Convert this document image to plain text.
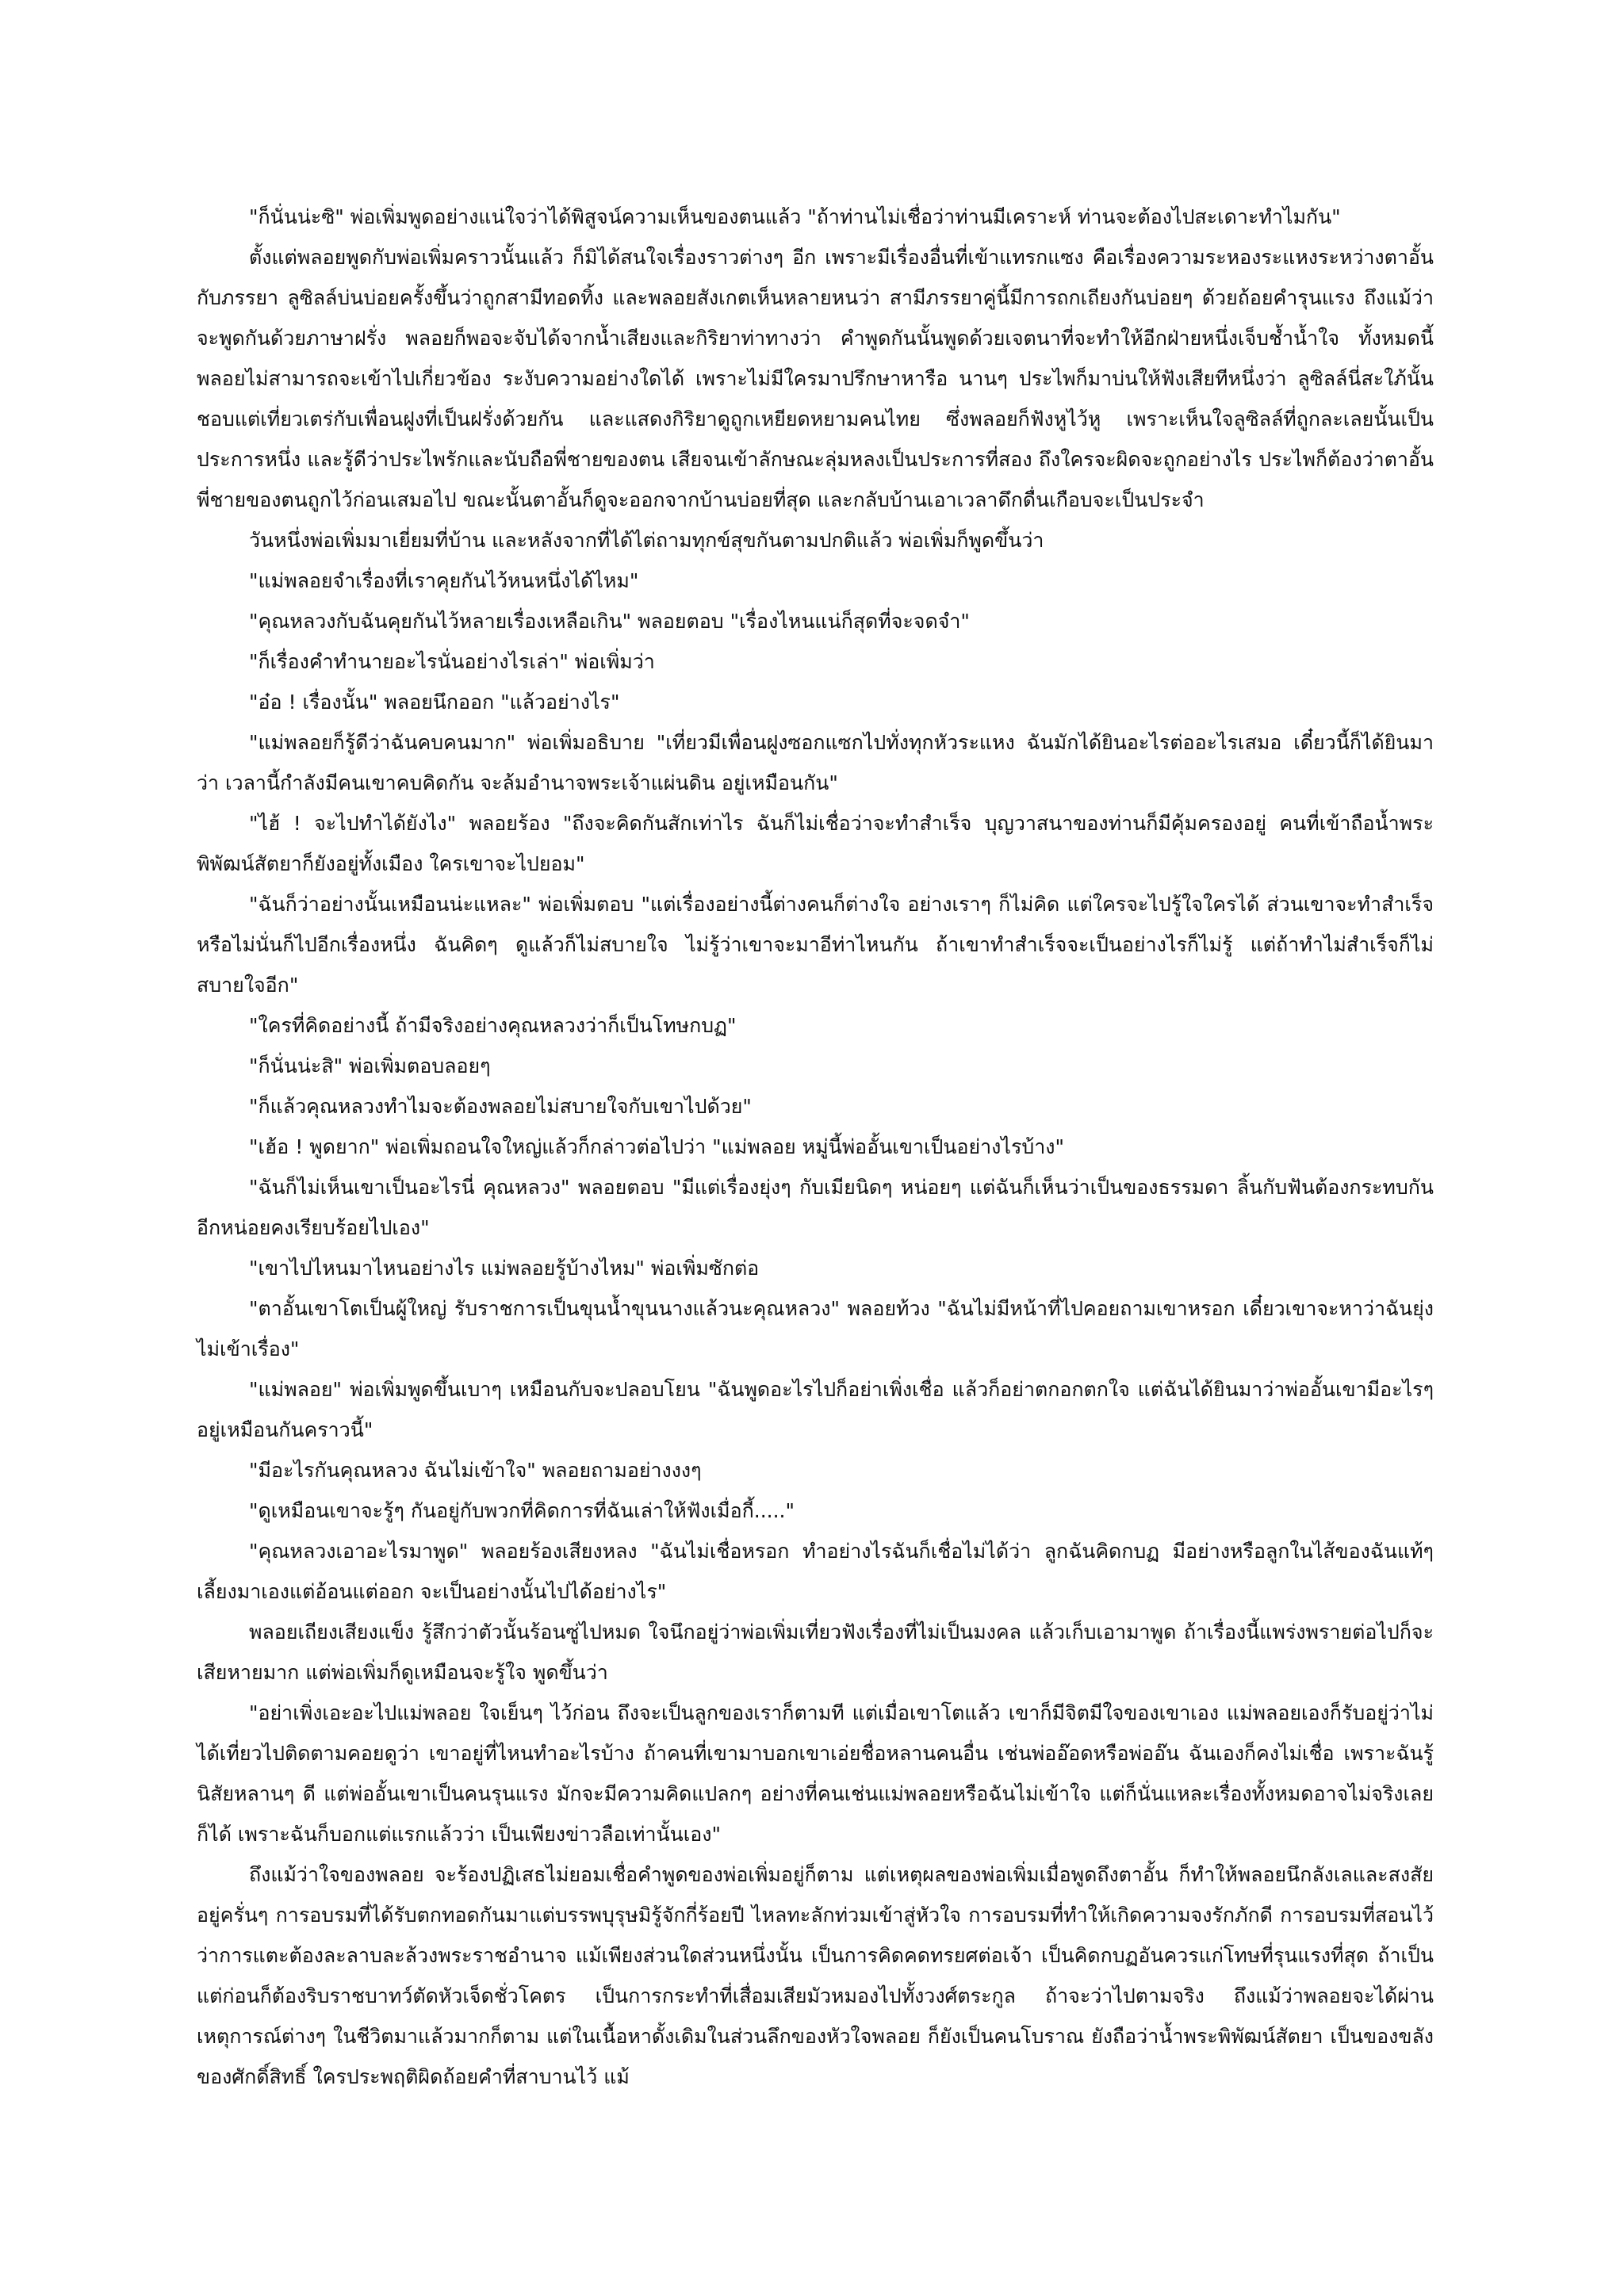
"ก็นั่นน่ะซิ" พ่อเพิ่มพูดอย่างแน่ใจว่าได้พิสูจน์ความเห็นของตนแล้ว "ถ้าท่านไม่เชื่อว่าท่านมีเคราะห์ ท่านจะต้องไปสะเดาะทำไมกัน"

ตั้งแต่พลอยพูดกับพ่อเพิ่มคราวนั้นแล้ว ก็มิได้สนใจเรื่องราวต่างๆ อีก เพราะมีเรื่องอื่นที่เข้าแทรกแซง คือเรื่องความระหองระแหงระหว่างตาอั้นกับภรรยา ลูซิลล์บ่นบ่อยครั้งขึ้นว่าถูกสามีทอดทิ้ง และพลอยสังเกตเห็นหลายหนว่า สามีภรรยาคู่นี้มีการถกเถียงกันบ่อยๆ ด้วยถ้อยคำรุนแรง ถึงแม้ว่าจะพูดกันด้วยภาษาฝรั่ง พลอยก็พอจะจับได้จากน้ำเสียงและกิริยาท่าทางว่า คำพูดกันนั้นพูดด้วยเจตนาที่จะทำให้อีกฝ่ายหนึ่งเจ็บช้ำน้ำใจ ทั้งหมดนี้พลอยไม่สามารถจะเข้าไปเกี่ยวข้อง ระงับความอย่างใดได้ เพราะไม่มีใครมาปรึกษาหารือ นานๆ ประไพก็มาบ่นให้ฟังเสียทีหนึ่งว่า ลูซิลล์นี่สะใภ้นั้น ชอบแต่เที่ยวเตร่กับเพื่อนฝูงที่เป็นฝรั่งด้วยกัน และแสดงกิริยาดูถูกเหยียดหยามคนไทย ซึ่งพลอยก็ฟังหูไว้หู เพราะเห็นใจลูซิลล์ที่ถูกละเลยนั้นเป็นประการหนึ่ง และรู้ดีว่าประไพรักและนับถือพี่ชายของตน เสียจนเข้าลักษณะลุ่มหลงเป็นประการที่สอง ถึงใครจะผิดจะถูกอย่างไร ประไพก็ต้องว่าตาอั้นพี่ชายของตนถูกไว้ก่อนเสมอไป ขณะนั้นตาอั้นก็ดูจะออกจากบ้านบ่อยที่สุด และกลับบ้านเอาเวลาดึกดื่นเกือบจะเป็นประจำ

วันหนึ่งพ่อเพิ่มมาเยี่ยมที่บ้าน และหลังจากที่ได้ไต่ถามทุกข์สุขกันตามปกติแล้ว พ่อเพิ่มก็พูดขึ้นว่า

"แม่พลอยจำเรื่องที่เราคุยกันไว้หนหนึ่งได้ไหม"

"คุณหลวงกับฉันคุยกันไว้หลายเรื่องเหลือเกิน" พลอยตอบ "เรื่องไหนแน่ก็สุดที่จะจดจำ"

"ก็เรื่องคำทำนายอะไรนั่นอย่างไรเล่า" พ่อเพิ่มว่า

"อ๋อ ! เรื่องนั้น" พลอยนึกออก "แล้วอย่างไร"

"แม่พลอยก็รู้ดีว่าฉันคบคนมาก" พ่อเพิ่มอธิบาย "เที่ยวมีเพื่อนฝูงซอกแซกไปทั่งทุกหัวระแหง ฉันมักได้ยินอะไรต่ออะไรเสมอ เดี๋ยวนี้ก็ได้ยินมาว่า เวลานี้กำลังมีคนเขาคบคิดกัน จะล้มอำนาจพระเจ้าแผ่นดิน อยู่เหมือนกัน"

"ไฮ้ ! จะไปทำได้ยังไง" พลอยร้อง "ถึงจะคิดกันสักเท่าไร ฉันก็ไม่เชื่อว่าจะทำสำเร็จ บุญวาสนาของท่านก็มีคุ้มครองอยู่ คนที่เข้าถือน้ำพระพิพัฒน์สัตยาก็ยังอยู่ทั้งเมือง ใครเขาจะไปยอม"

"ฉันก็ว่าอย่างนั้นเหมือนน่ะแหละ" พ่อเพิ่มตอบ "แต่เรื่องอย่างนี้ต่างคนก็ต่างใจ อย่างเราๆ ก็ไม่คิด แต่ใครจะไปรู้ใจใครได้ ส่วนเขาจะทำสำเร็จหรือไม่นั่นก็ไปอีกเรื่องหนึ่ง ฉันคิดๆ ดูแล้วก็ไม่สบายใจ ไม่รู้ว่าเขาจะมาอีท่าไหนกัน ถ้าเขาทำสำเร็จจะเป็นอย่างไรก็ไม่รู้ แต่ถ้าทำไม่สำเร็จก็ไม่สบายใจอีก"

"ใครที่คิดอย่างนี้ ถ้ามีจริงอย่างคุณหลวงว่าก็เป็นโทษกบฏ"

"ก็นั่นน่ะสิ" พ่อเพิ่มตอบลอยๆ

"ก็แล้วคุณหลวงทำไมจะต้องพลอยไม่สบายใจกับเขาไปด้วย"

"เฮ้อ ! พูดยาก" พ่อเพิ่มถอนใจใหญ่แล้วก็กล่าวต่อไปว่า "แม่พลอย หมู่นี้พ่ออั้นเขาเป็นอย่างไรบ้าง"

"ฉันก็ไม่เห็นเขาเป็นอะไรนี่ คุณหลวง" พลอยตอบ "มีแต่เรื่องยุ่งๆ กับเมียนิดๆ หน่อยๆ แต่ฉันก็เห็นว่าเป็นของธรรมดา ลิ้นกับฟันต้องกระทบกัน อีกหน่อยคงเรียบร้อยไปเอง"

"เขาไปไหนมาไหนอย่างไร แม่พลอยรู้บ้างไหม" พ่อเพิ่มซักต่อ

"ตาอั้นเขาโตเป็นผู้ใหญ่ รับราชการเป็นขุนน้ำขุนนางแล้วนะคุณหลวง" พลอยท้วง "ฉันไม่มีหน้าที่ไปคอยถามเขาหรอก เดี๋ยวเขาจะหาว่าฉันยุ่งไม่เข้าเรื่อง"

"แม่พลอย" พ่อเพิ่มพูดขึ้นเบาๆ เหมือนกับจะปลอบโยน "ฉันพูดอะไรไปก็อย่าเพิ่งเชื่อ แล้วก็อย่าตกอกตกใจ แต่ฉันได้ยินมาว่าพ่ออั้นเขามีอะไรๆ อยู่เหมือนกันคราวนี้"

"มีอะไรกันคุณหลวง ฉันไม่เข้าใจ" พลอยถามอย่างงงๆ

"ดูเหมือนเขาจะรู้ๆ กันอยู่กับพวกที่คิดการที่ฉันเล่าให้ฟังเมื่อกี้....."

"คุณหลวงเอาอะไรมาพูด" พลอยร้องเสียงหลง "ฉันไม่เชื่อหรอก ทำอย่างไรฉันก็เชื่อไม่ได้ว่า ลูกฉันคิดกบฏ มีอย่างหรือลูกในไส้ของฉันแท้ๆ เลี้ยงมาเองแต่อ้อนแต่ออก จะเป็นอย่างนั้นไปได้อย่างไร"

พลอยเถียงเสียงแข็ง รู้สึกว่าตัวนั้นร้อนซู่ไปหมด ใจนึกอยู่ว่าพ่อเพิ่มเที่ยวฟังเรื่องที่ไม่เป็นมงคล แล้วเก็บเอามาพูด ถ้าเรื่องนี้แพร่งพรายต่อไปก็จะเสียหายมาก แต่พ่อเพิ่มก็ดูเหมือนจะรู้ใจ พูดขึ้นว่า

"อย่าเพิ่งเอะอะไปแม่พลอย ใจเย็นๆ ไว้ก่อน ถึงจะเป็นลูกของเราก็ตามที แต่เมื่อเขาโตแล้ว เขาก็มีจิตมีใจของเขาเอง แม่พลอยเองก็รับอยู่ว่าไม่ได้เที่ยวไปติดตามคอยดูว่า เขาอยู่ที่ไหนทำอะไรบ้าง ถ้าคนที่เขามาบอกเขาเอ่ยชื่อหลานคนอื่น เช่นพ่ออ๊อดหรือพ่ออ๊น ฉันเองก็คงไม่เชื่อ เพราะฉันรู้นิสัยหลานๆ ดี แต่พ่ออั้นเขาเป็นคนรุนแรง มักจะมีความคิดแปลกๆ อย่างที่คนเช่นแม่พลอยหรือฉันไม่เข้าใจ แต่ก็นั่นแหละเรื่องทั้งหมดอาจไม่จริงเลยก็ได้ เพราะฉันก็บอกแต่แรกแล้วว่า เป็นเพียงข่าวลือเท่านั้นเอง"

ถึงแม้ว่าใจของพลอย จะร้องปฏิเสธไม่ยอมเชื่อคำพูดของพ่อเพิ่มอยู่ก็ตาม แต่เหตุผลของพ่อเพิ่มเมื่อพูดถึงตาอั้น ก็ทำให้พลอยนึกลังเลและสงสัยอยู่ครั่นๆ การอบรมที่ได้รับตกทอดกันมาแต่บรรพบุรุษมิรู้จักกี่ร้อยปี ไหลทะลักท่วมเข้าสู่หัวใจ การอบรมที่ทำให้เกิดความจงรักภักดี การอบรมที่สอนไว้ว่าการแตะต้องละลาบละล้วงพระราชอำนาจ แม้เพียงส่วนใดส่วนหนึ่งนั้น เป็นการคิดคดทรยศต่อเจ้า เป็นคิดกบฏอันควรแก่โทษที่รุนแรงที่สุด ถ้าเป็นแต่ก่อนก็ต้องริบราชบาทว์ตัดหัวเจ็ดชั่วโคตร เป็นการกระทำที่เสื่อมเสียมัวหมองไปทั้งวงศ์ตระกูล ถ้าจะว่าไปตามจริง ถึงแม้ว่าพลอยจะได้ผ่านเหตุการณ์ต่างๆ ในชีวิตมาแล้วมากก็ตาม แต่ในเนื้อหาดั้งเดิมในส่วนลึกของหัวใจพลอย ก็ยังเป็นคนโบราณ ยังถือว่าน้ำพระพิพัฒน์สัตยา เป็นของขลังของศักดิ์สิทธิ์ ใครประพฤติผิดถ้อยคำที่สาบานไว้ แม้
